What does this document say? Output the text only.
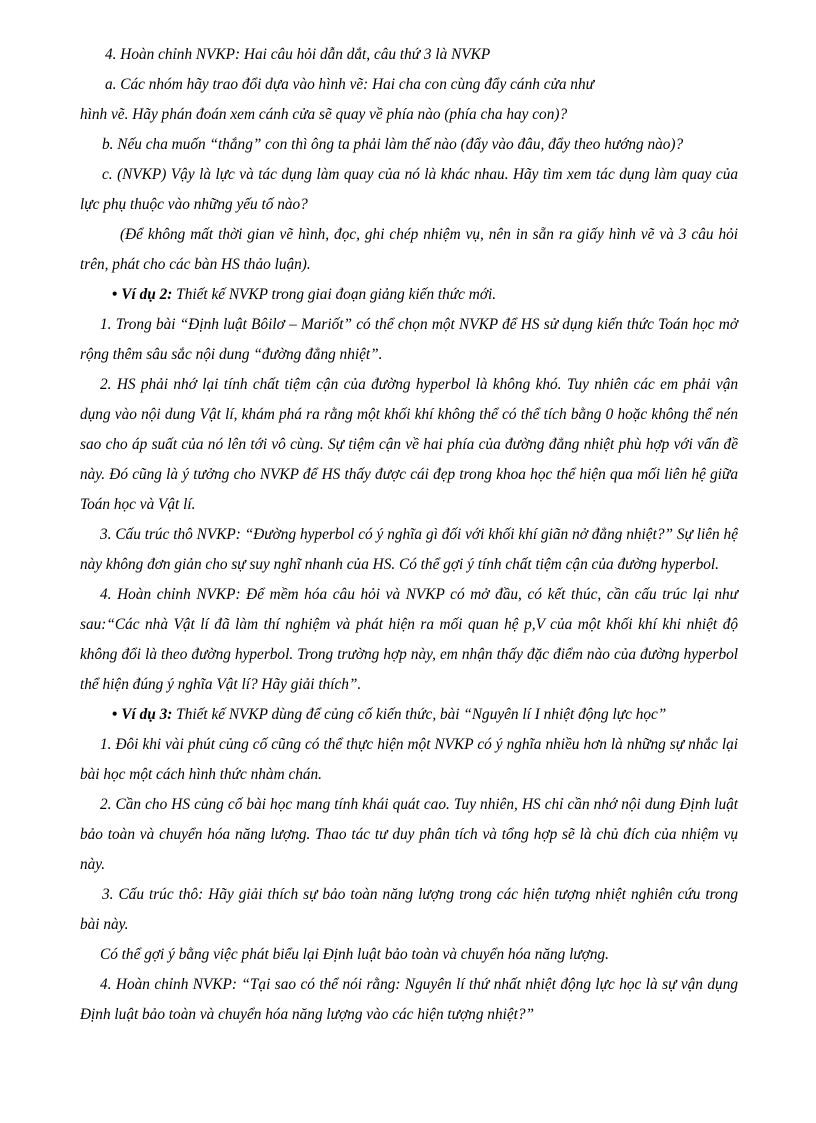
4. Hoàn chỉnh NVKP: Hai câu hỏi dẫn dắt, câu thứ 3 là NVKP

a. Các nhóm hãy trao đổi dựa vào hình vẽ: Hai cha con cùng đẩy cánh cửa như

hình vẽ. Hãy phán đoán xem cánh cửa sẽ quay về phía nào (phía cha hay con)?

b. Nếu cha muốn “thắng” con thì ông ta phải làm thế nào (đẩy vào đâu, đẩy theo hướng nào)?

c. (NVKP) Vậy là lực và tác dụng làm quay của nó là khác nhau. Hãy tìm xem tác dụng làm quay của lực phụ thuộc vào những yếu tố nào?

(Để không mất thời gian vẽ hình, đọc, ghi chép nhiệm vụ, nên in sẵn ra giấy hình vẽ và 3 câu hỏi trên, phát cho các bàn HS thảo luận).

• Ví dụ 2: Thiết kế NVKP trong giai đoạn giảng kiến thức mới.

1. Trong bài “Định luật Bôilơ – Mariốt” có thể chọn một NVKP để HS sử dụng kiến thức Toán học mở rộng thêm sâu sắc nội dung “đường đẳng nhiệt”.

2. HS phải nhớ lại tính chất tiệm cận của đường hyperbol là không khó. Tuy nhiên các em phải vận dụng vào nội dung Vật lí, khám phá ra rằng một khối khí không thể có thể tích bằng 0 hoặc không thể nén sao cho áp suất của nó lên tới vô cùng. Sự tiệm cận về hai phía của đường đẳng nhiệt phù hợp với vấn đề này. Đó cũng là ý tưởng cho NVKP để HS thấy được cái đẹp trong khoa học thể hiện qua mối liên hệ giữa Toán học và Vật lí.

3. Cấu trúc thô NVKP: “Đường hyperbol có ý nghĩa gì đối với khối khí giãn nở đẳng nhiệt?” Sự liên hệ này không đơn giản cho sự suy nghĩ nhanh của HS. Có thể gợi ý tính chất tiệm cận của đường hyperbol.

4. Hoàn chỉnh NVKP: Để mềm hóa câu hỏi và NVKP có mở đầu, có kết thúc, cần cấu trúc lại như sau:“Các nhà Vật lí đã làm thí nghiệm và phát hiện ra mối quan hệ p,V của một khối khí khi nhiệt độ không đổi là theo đường hyperbol. Trong trường hợp này, em nhận thấy đặc điểm nào của đường hyperbol thể hiện đúng ý nghĩa Vật lí? Hãy giải thích”.

• Ví dụ 3: Thiết kế NVKP dùng để củng cố kiến thức, bài “Nguyên lí I nhiệt động lực học”

1. Đôi khi vài phút củng cố cũng có thể thực hiện một NVKP có ý nghĩa nhiều hơn là những sự nhắc lại bài học một cách hình thức nhàm chán.

2. Cần cho HS củng cố bài học mang tính khái quát cao. Tuy nhiên, HS chỉ cần nhớ nội dung Định luật bảo toàn và chuyển hóa năng lượng. Thao tác tư duy phân tích và tổng hợp sẽ là chủ đích của nhiệm vụ này.

3. Cấu trúc thô: Hãy giải thích sự bảo toàn năng lượng trong các hiện tượng nhiệt nghiên cứu trong bài này.

Có thể gợi ý bằng việc phát biểu lại Định luật bảo toàn và chuyển hóa năng lượng.

4. Hoàn chỉnh NVKP: “Tại sao có thể nói rằng: Nguyên lí thứ nhất nhiệt động lực học là sự vận dụng Định luật bảo toàn và chuyển hóa năng lượng vào các hiện tượng nhiệt?”
